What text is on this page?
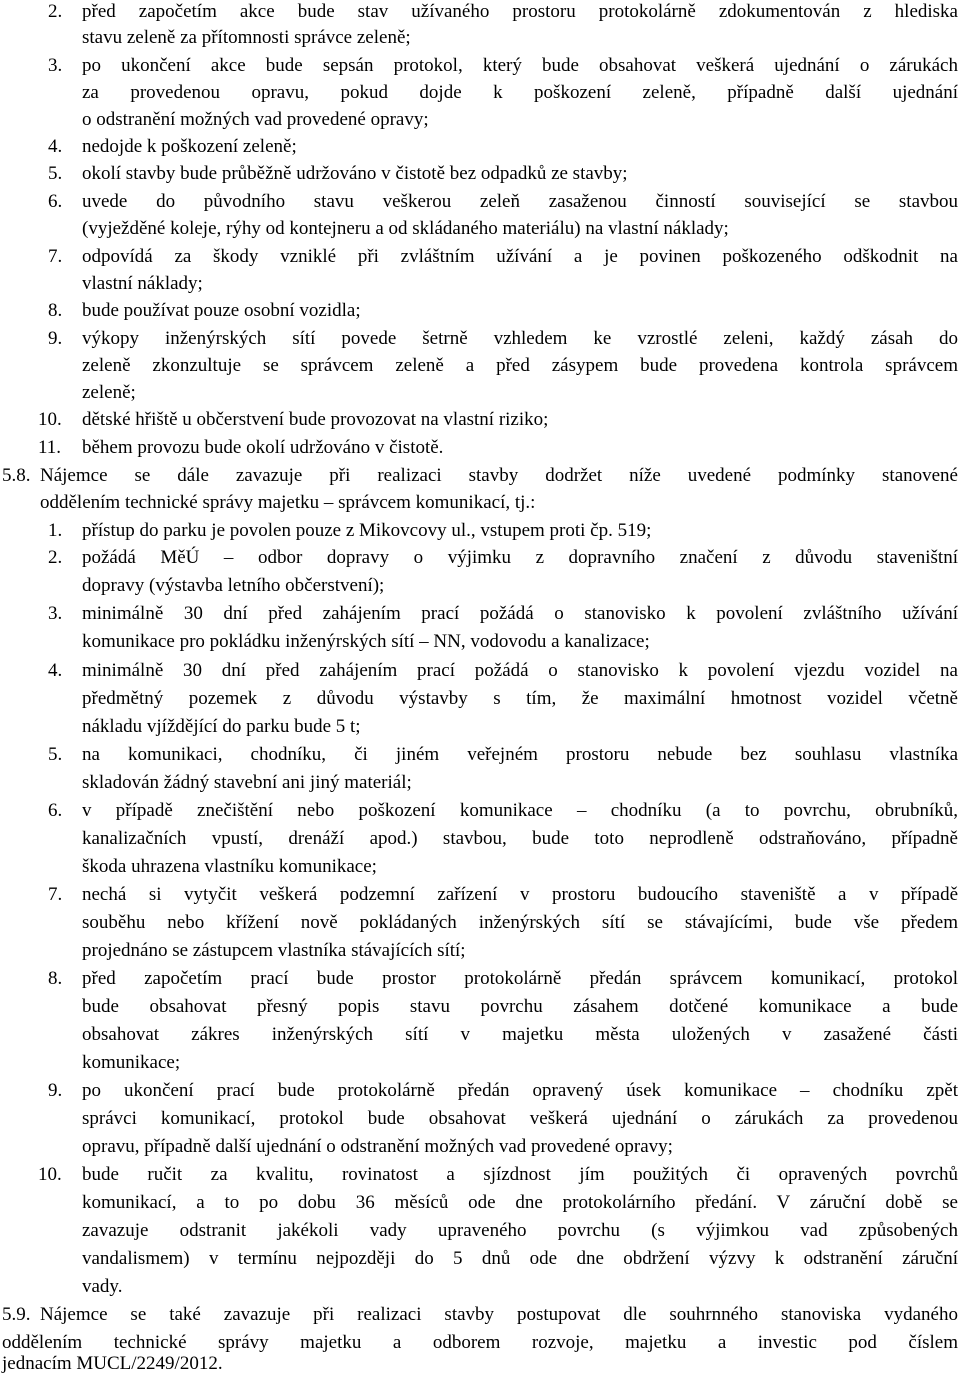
2. před započetím akce bude stav užívaného prostoru protokolárně zdokumentován z hlediska
stavu zeleně za přítomnosti správce zeleně;
3. po ukončení akce bude sepsán protokol, který bude obsahovat veškerá ujednání o zárukách
za provedenou opravu, pokud dojde k poškození zeleně, případně další ujednání
o odstranění možných vad provedené opravy;
4. nedojde k poškození zeleně;
5. okolí stavby bude průběžně udržováno v čistotě bez odpadků ze stavby;
6. uvede do původního stavu veškerou zeleň zasaženou činností související se stavbou
(vyježděné koleje, rýhy od kontejneru a od skládaného materiálu) na vlastní náklady;
7. odpovídá za škody vzniklé při zvláštním užívání a je povinen poškozeného odškodnit na
vlastní náklady;
8. bude používat pouze osobní vozidla;
9. výkopy inženýrských sítí povede šetrně vzhledem ke vzrostlé zeleni, každý zásah do
zeleně zkonzultuje se správcem zeleně a před zásypem bude provedena kontrola správcem
zeleně;
10. dětské hřiště u občerstvení bude provozovat na vlastní riziko;
11. během provozu bude okolí udržováno v čistotě.
5.8. Nájemce se dále zavazuje při realizaci stavby dodržet níže uvedené podmínky stanovené
oddělením technické správy majetku – správcem komunikací, tj.:
1. přístup do parku je povolen pouze z Mikovcovy ul., vstupem proti čp. 519;
2. požádá MěÚ – odbor dopravy o výjimku z dopravního značení z důvodu staveništní
dopravy (výstavba letního občerstvení);
3. minimálně 30 dní před zahájením prací požádá o stanovisko k povolení zvláštního užívání
komunikace pro pokládku inženýrských sítí – NN, vodovodu a kanalizace;
4. minimálně 30 dní před zahájením prací požádá o stanovisko k povolení vjezdu vozidel na
předmětný pozemek z důvodu výstavby s tím, že maximální hmotnost vozidel včetně
nákladu vjíždějící do parku bude 5 t;
5. na komunikaci, chodníku, či jiném veřejném prostoru nebude bez souhlasu vlastníka
skladován žádný stavební ani jiný materiál;
6. v případě znečištění nebo poškození komunikace – chodníku (a to povrchu, obrubníků,
kanalizačních vpustí, drenáží apod.) stavbou, bude toto neprodleně odstraňováno, případně
škoda uhrazena vlastníku komunikace;
7. nechá si vytyčit veškerá podzemní zařízení v prostoru budoucího staveniště a v případě
souběhu nebo křížení nově pokládaných inženýrských sítí se stávajícími, bude vše předem
projednáno se zástupcem vlastníka stávajících sítí;
8. před započetím prací bude prostor protokolárně předán správcem komunikací, protokol
bude obsahovat přesný popis stavu povrchu zásahem dotčené komunikace a bude
obsahovat zákres inženýrských sítí v majetku města uložených v zasažené části
komunikace;
9. po ukončení prací bude protokolárně předán opravený úsek komunikace – chodníku zpět
správci komunikací, protokol bude obsahovat veškerá ujednání o zárukách za provedenou
opravu, případně další ujednání o odstranění možných vad provedené opravy;
10. bude ručit za kvalitu, rovinatost a sjízdnost jím použitých či opravených povrchů
komunikací, a to po dobu 36 měsíců ode dne protokolárního předání. V záruční době se
zavazuje odstranit jakékoli vady upraveného povrchu (s výjimkou vad způsobených
vandalismem) v termínu nejpozději do 5 dnů ode dne obdržení výzvy k odstranění záruční
vady.
5.9. Nájemce se také zavazuje při realizaci stavby postupovat dle souhrnného stanoviska vydaného
oddělením technické správy majetku a odborem rozvoje, majetku a investic pod číslem
jednacím MUCL/2249/2012.
